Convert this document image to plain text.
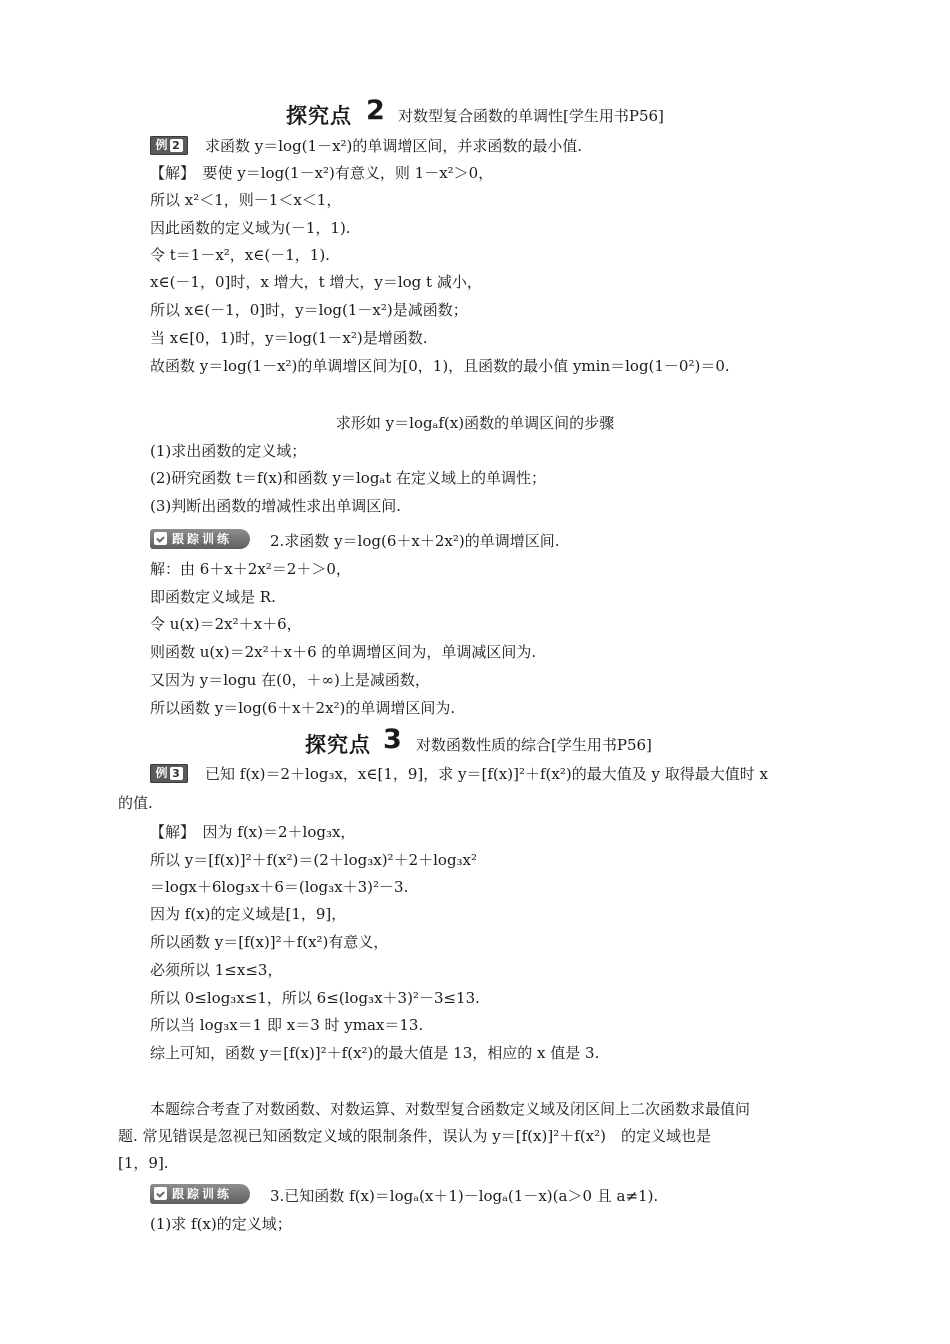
探究点 2 对数型复合函数的单调性[学生用书P56]
例 2	求函数 y＝log(1－x²)的单调增区间，并求函数的最小值.
【解】　要使 y＝log(1－x²)有意义，则 1－x²＞0，
所以 x²＜1，则－1＜x＜1，
因此函数的定义域为(－1，1).
令 t＝1－x²，x∈(－1，1).
x∈(－1，0]时，x 增大，t 增大，y＝log t 减小，
所以 x∈(－1，0]时，y＝log(1－x²)是减函数；
当 x∈[0，1)时，y＝log(1－x²)是增函数.
故函数 y＝log(1－x²)的单调增区间为[0，1)，且函数的最小值 ymin＝log(1－0²)＝0.
求形如 y＝logₐf(x)函数的单调区间的步骤
(1)求出函数的定义域；
(2)研究函数 t＝f(x)和函数 y＝logₐt 在定义域上的单调性；
(3)判断出函数的增减性求出单调区间.
跟踪训练	2.求函数 y＝log(6＋x＋2x²)的单调增区间.
解：由 6＋x＋2x²＝2＋＞0，
即函数定义域是 R.
令 u(x)＝2x²＋x＋6，
则函数 u(x)＝2x²＋x＋6 的单调增区间为，单调减区间为.
又因为 y＝logu 在(0，＋∞)上是减函数，
所以函数 y＝log(6＋x＋2x²)的单调增区间为.
探究点 3 对数函数性质的综合[学生用书P56]
例 3	已知 f(x)＝2＋log₃x，x∈[1，9]，求 y＝[f(x)]²＋f(x²)的最大值及 y 取得最大值时 x
的值.
【解】　因为 f(x)＝2＋log₃x，
所以 y＝[f(x)]²＋f(x²)＝(2＋log₃x)²＋2＋log₃x²
＝logx＋6log₃x＋6＝(log₃x＋3)²－3.
因为 f(x)的定义域是[1，9]，
所以函数 y＝[f(x)]²＋f(x²)有意义，
必须所以 1≤x≤3，
所以 0≤log₃x≤1，所以 6≤(log₃x＋3)²－3≤13.
所以当 log₃x＝1 即 x＝3 时 ymax＝13.
综上可知，函数 y＝[f(x)]²＋f(x²)的最大值是 13，相应的 x 值是 3.
本题综合考查了对数函数、对数运算、对数型复合函数定义域及闭区间上二次函数求最值问
题. 常见错误是忽视已知函数定义域的限制条件，误认为 y＝[f(x)]²＋f(x²)　的定义域也是
[1，9].
跟踪训练	3.已知函数 f(x)＝logₐ(x＋1)－logₐ(1－x)(a＞0 且 a≠1).
(1)求 f(x)的定义域；
